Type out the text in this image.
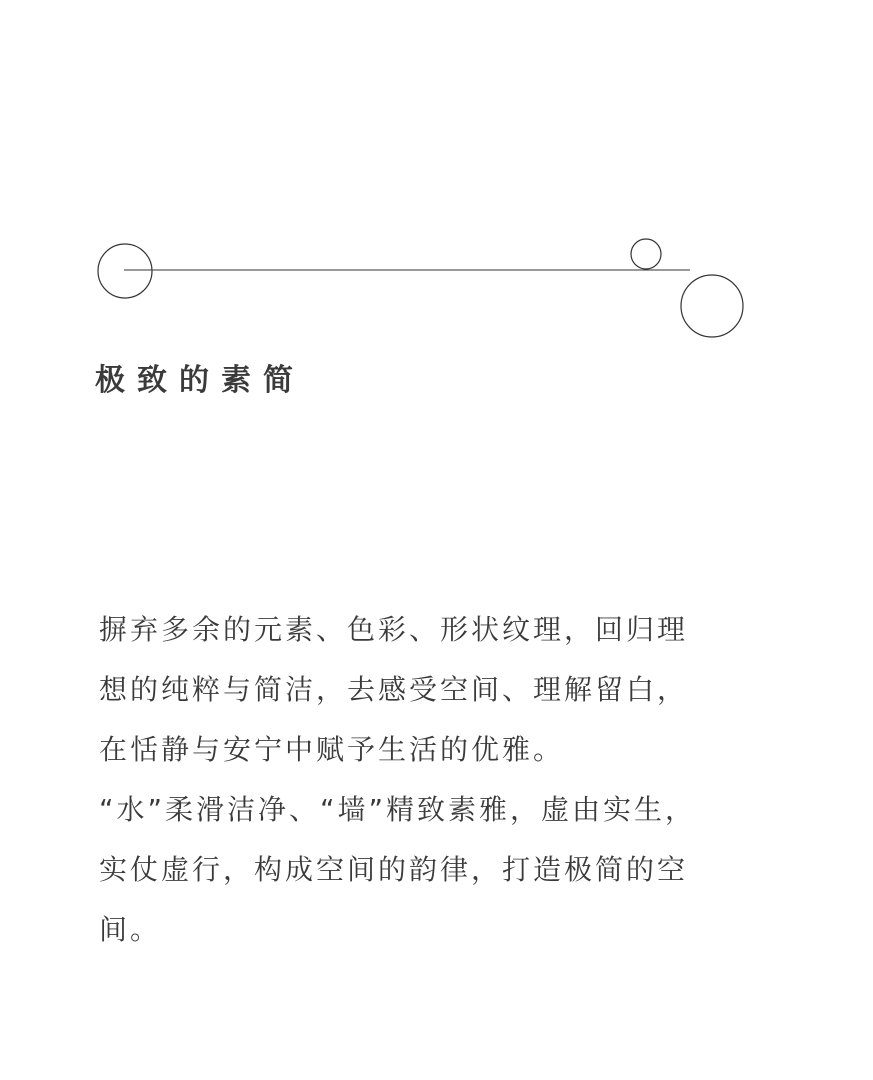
极致的素简

摒弃多余的元素、色彩、形状纹理，回归理想的纯粹与简洁，去感受空间、理解留白，在恬静与安宁中赋予生活的优雅。

“水”柔滑洁净、“墙”精致素雅，虚由实生，实仗虚行，构成空间的韵律，打造极简的空间。
